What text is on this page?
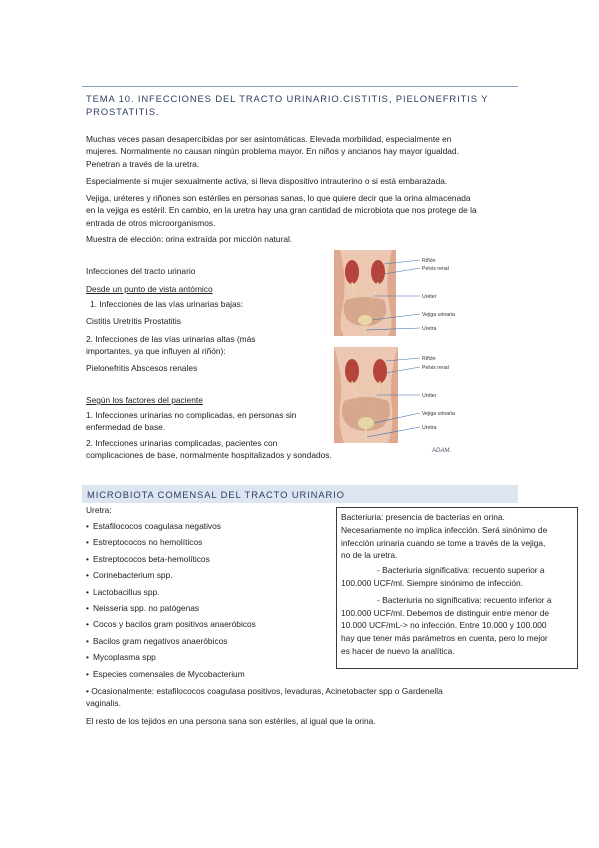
TEMA 10. INFECCIONES DEL TRACTO URINARIO.CISTITIS, PIELONEFRITIS Y
PROSTATITIS.
Muchas veces pasan desapercibidas por ser asintomáticas. Elevada morbilidad, especialmente en
mujeres. Normalmente no causan ningún problema mayor. En niños y ancianos hay mayor igualdad.
Penetran a través de la uretra.
Especialmente si mujer sexualmente activa, si lleva dispositivo intrauterino o si está embarazada.
Vejiga, uréteres y riñones son estériles en personas sanas, lo que quiere decir que la orina almacenada
en la vejiga es estéril. En cambio, en la uretra hay una gran cantidad de microbiota que nos protege de la
entrada de otros microorganismos.
Muestra de elección: orina extraída por micción natural.
Infecciones del tracto urinario
Desde un punto de vista antómico
1. Infecciones de las vías urinarias bajas:
Cistitis Uretritis Prostatitis
2. Infecciones de las vías urinarias altas (más
importantes, ya que influyen al riñón):
Pielonefritis Abscesos renales
Según los factores del paciente
1. Infecciones urinarias no complicadas, en personas sin
enfermedad de base.
2. Infecciones urinarias complicadas, pacientes con
complicaciones de base, normalmente hospitalizados y sondados.
Riñón
Pelvis renal
Uréter
Vejiga urinaria
Uretra
Riñón
Pelvis renal
Uréter
Vejiga urinaria
Uretra
ADAM.
MICROBIOTA COMENSAL DEL TRACTO URINARIO
Uretra:
• Estafilococos coagulasa negativos
• Estreptococos no hemolíticos
• Estreptococos beta-hemolíticos
• Corinebacterium spp.
• Lactobacillus spp.
• Neisseria spp. no patógenas
• Cocos y bacilos gram positivos anaeróbicos
• Bacilos gram negativos anaeróbicos
• Mycoplasma spp
• Especies comensales de Mycobacterium
• Ocasionalmente: estafilococos coagulasa positivos, levaduras, Acinetobacter spp o Gardenella
vaginalis.
El resto de los tejidos en una persona sana son estériles, al igual que la orina.
Bacteriuria: presencia de bacterias en orina.
Necesariamente no implica infección. Será sinónimo de
infección urinaria cuando se tome a través de la vejiga,
no de la uretra.
- Bacteriuria significativa: recuento superior a
100.000 UCF/ml. Siempre sinónimo de infección.
- Bacteriuria no significativa: recuento inferior a
100.000 UCF/ml. Debemos de distinguir entre menor de
10.000 UCF/mL-> no infección. Entre 10.000 y 100.000
hay que tener más parámetros en cuenta, pero lo mejor
es hacer de nuevo la analítica.
